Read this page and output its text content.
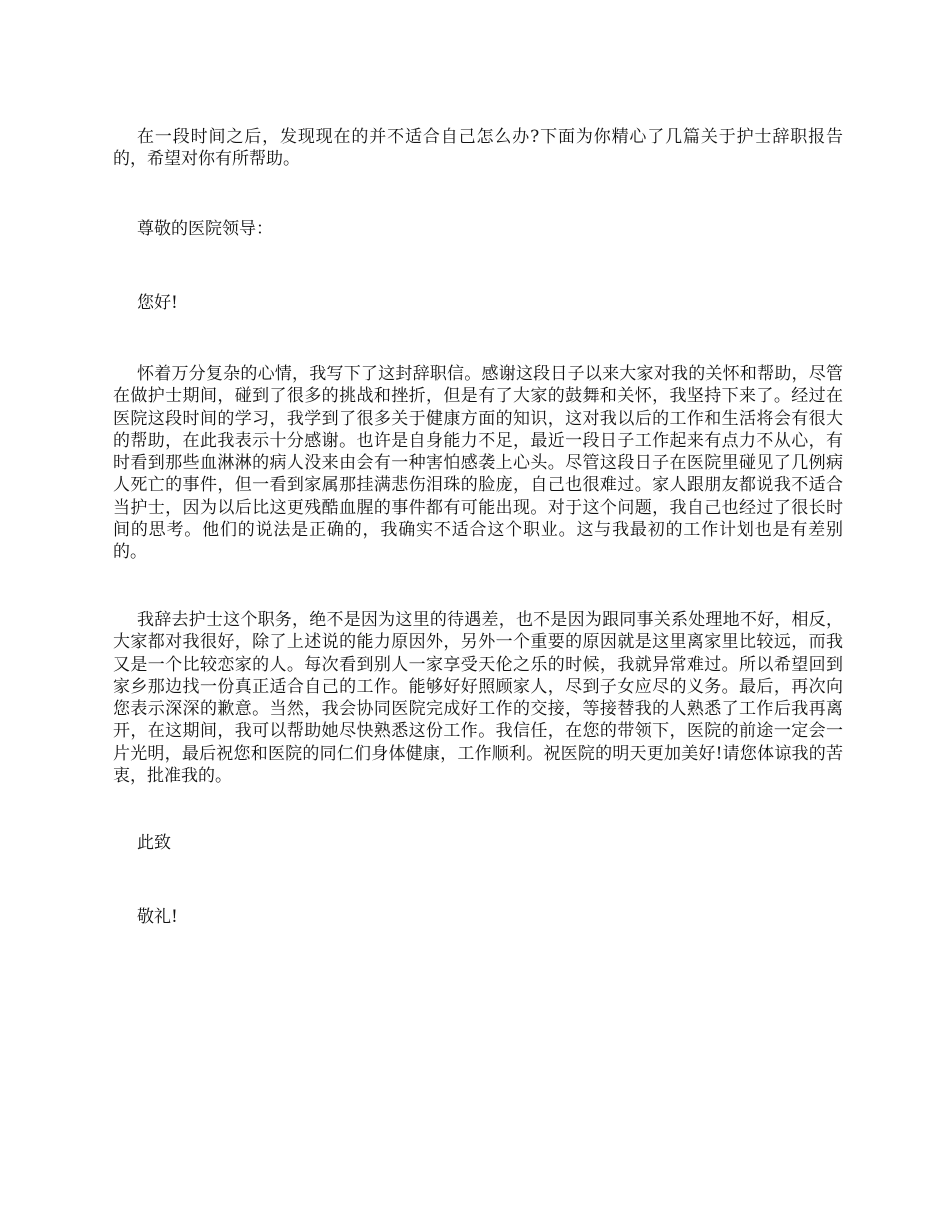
在一段时间之后，发现现在的并不适合自己怎么办?下面为你精心了几篇关于护士辞职报告的，希望对你有所帮助。

尊敬的医院领导：

您好!

怀着万分复杂的心情，我写下了这封辞职信。感谢这段日子以来大家对我的关怀和帮助，尽管在做护士期间，碰到了很多的挑战和挫折，但是有了大家的鼓舞和关怀，我坚持下来了。经过在医院这段时间的学习，我学到了很多关于健康方面的知识，这对我以后的工作和生活将会有很大的帮助，在此我表示十分感谢。也许是自身能力不足，最近一段日子工作起来有点力不从心，有时看到那些血淋淋的病人没来由会有一种害怕感袭上心头。尽管这段日子在医院里碰见了几例病人死亡的事件，但一看到家属那挂满悲伤泪珠的脸庞，自己也很难过。家人跟朋友都说我不适合当护士，因为以后比这更残酷血腥的事件都有可能出现。对于这个问题，我自己也经过了很长时间的思考。他们的说法是正确的，我确实不适合这个职业。这与我最初的工作计划也是有差别的。

我辞去护士这个职务，绝不是因为这里的待遇差，也不是因为跟同事关系处理地不好，相反，大家都对我很好，除了上述说的能力原因外，另外一个重要的原因就是这里离家里比较远，而我又是一个比较恋家的人。每次看到别人一家享受天伦之乐的时候，我就异常难过。所以希望回到家乡那边找一份真正适合自己的工作。能够好好照顾家人，尽到子女应尽的义务。最后，再次向您表示深深的歉意。当然，我会协同医院完成好工作的交接，等接替我的人熟悉了工作后我再离开，在这期间，我可以帮助她尽快熟悉这份工作。我信任，在您的带领下，医院的前途一定会一片光明，最后祝您和医院的同仁们身体健康，工作顺利。祝医院的明天更加美好!请您体谅我的苦衷，批准我的。

此致

敬礼!
